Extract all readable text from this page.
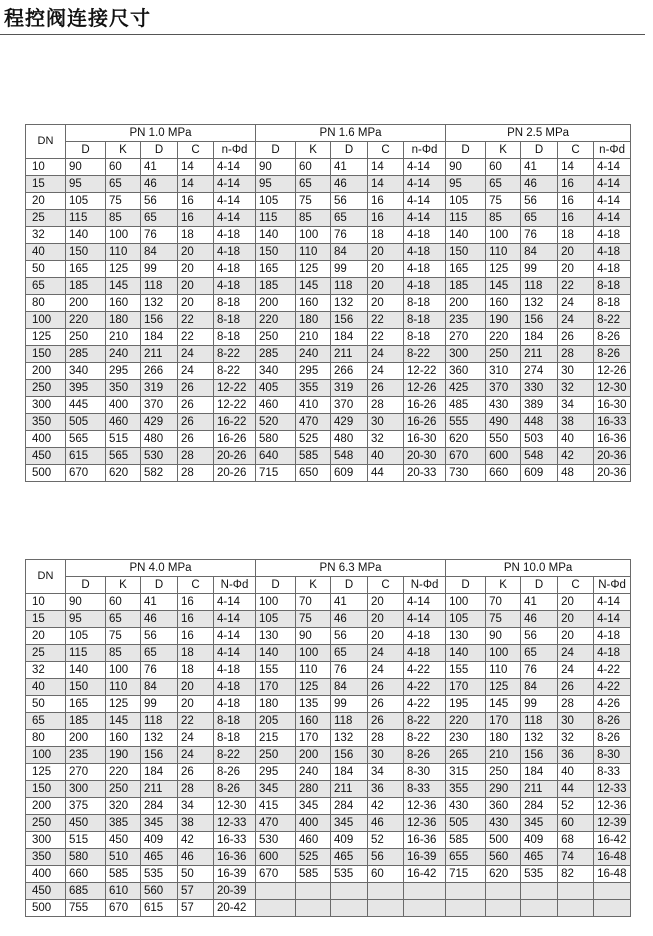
程控阀连接尺寸
DN	PN 1.0 MPa					PN 1.6 MPa					PN 2.5 MPa				
	D	K	D	C	n-Φd	D	K	D	C	n-Φd	D	K	D	C	n-Φd
10	90	60	41	14	4-14	90	60	41	14	4-14	90	60	41	14	4-14
15	95	65	46	14	4-14	95	65	46	14	4-14	95	65	46	16	4-14
20	105	75	56	16	4-14	105	75	56	16	4-14	105	75	56	16	4-14
25	115	85	65	16	4-14	115	85	65	16	4-14	115	85	65	16	4-14
32	140	100	76	18	4-18	140	100	76	18	4-18	140	100	76	18	4-18
40	150	110	84	20	4-18	150	110	84	20	4-18	150	110	84	20	4-18
50	165	125	99	20	4-18	165	125	99	20	4-18	165	125	99	20	4-18
65	185	145	118	20	4-18	185	145	118	20	4-18	185	145	118	22	8-18
80	200	160	132	20	8-18	200	160	132	20	8-18	200	160	132	24	8-18
100	220	180	156	22	8-18	220	180	156	22	8-18	235	190	156	24	8-22
125	250	210	184	22	8-18	250	210	184	22	8-18	270	220	184	26	8-26
150	285	240	211	24	8-22	285	240	211	24	8-22	300	250	211	28	8-26
200	340	295	266	24	8-22	340	295	266	24	12-22	360	310	274	30	12-26
250	395	350	319	26	12-22	405	355	319	26	12-26	425	370	330	32	12-30
300	445	400	370	26	12-22	460	410	370	28	16-26	485	430	389	34	16-30
350	505	460	429	26	16-22	520	470	429	30	16-26	555	490	448	38	16-33
400	565	515	480	26	16-26	580	525	480	32	16-30	620	550	503	40	16-36
450	615	565	530	28	20-26	640	585	548	40	20-30	670	600	548	42	20-36
500	670	620	582	28	20-26	715	650	609	44	20-33	730	660	609	48	20-36
DN	PN 4.0 MPa					PN 6.3 MPa					PN 10.0 MPa				
	D	K	D	C	N-Φd	D	K	D	C	N-Φd	D	K	D	C	N-Φd
10	90	60	41	16	4-14	100	70	41	20	4-14	100	70	41	20	4-14
15	95	65	46	16	4-14	105	75	46	20	4-14	105	75	46	20	4-14
20	105	75	56	16	4-14	130	90	56	20	4-18	130	90	56	20	4-18
25	115	85	65	18	4-14	140	100	65	24	4-18	140	100	65	24	4-18
32	140	100	76	18	4-18	155	110	76	24	4-22	155	110	76	24	4-22
40	150	110	84	20	4-18	170	125	84	26	4-22	170	125	84	26	4-22
50	165	125	99	20	4-18	180	135	99	26	4-22	195	145	99	28	4-26
65	185	145	118	22	8-18	205	160	118	26	8-22	220	170	118	30	8-26
80	200	160	132	24	8-18	215	170	132	28	8-22	230	180	132	32	8-26
100	235	190	156	24	8-22	250	200	156	30	8-26	265	210	156	36	8-30
125	270	220	184	26	8-26	295	240	184	34	8-30	315	250	184	40	8-33
150	300	250	211	28	8-26	345	280	211	36	8-33	355	290	211	44	12-33
200	375	320	284	34	12-30	415	345	284	42	12-36	430	360	284	52	12-36
250	450	385	345	38	12-33	470	400	345	46	12-36	505	430	345	60	12-39
300	515	450	409	42	16-33	530	460	409	52	16-36	585	500	409	68	16-42
350	580	510	465	46	16-36	600	525	465	56	16-39	655	560	465	74	16-48
400	660	585	535	50	16-39	670	585	535	60	16-42	715	620	535	82	16-48
450	685	610	560	57	20-39										
500	755	670	615	57	20-42										
